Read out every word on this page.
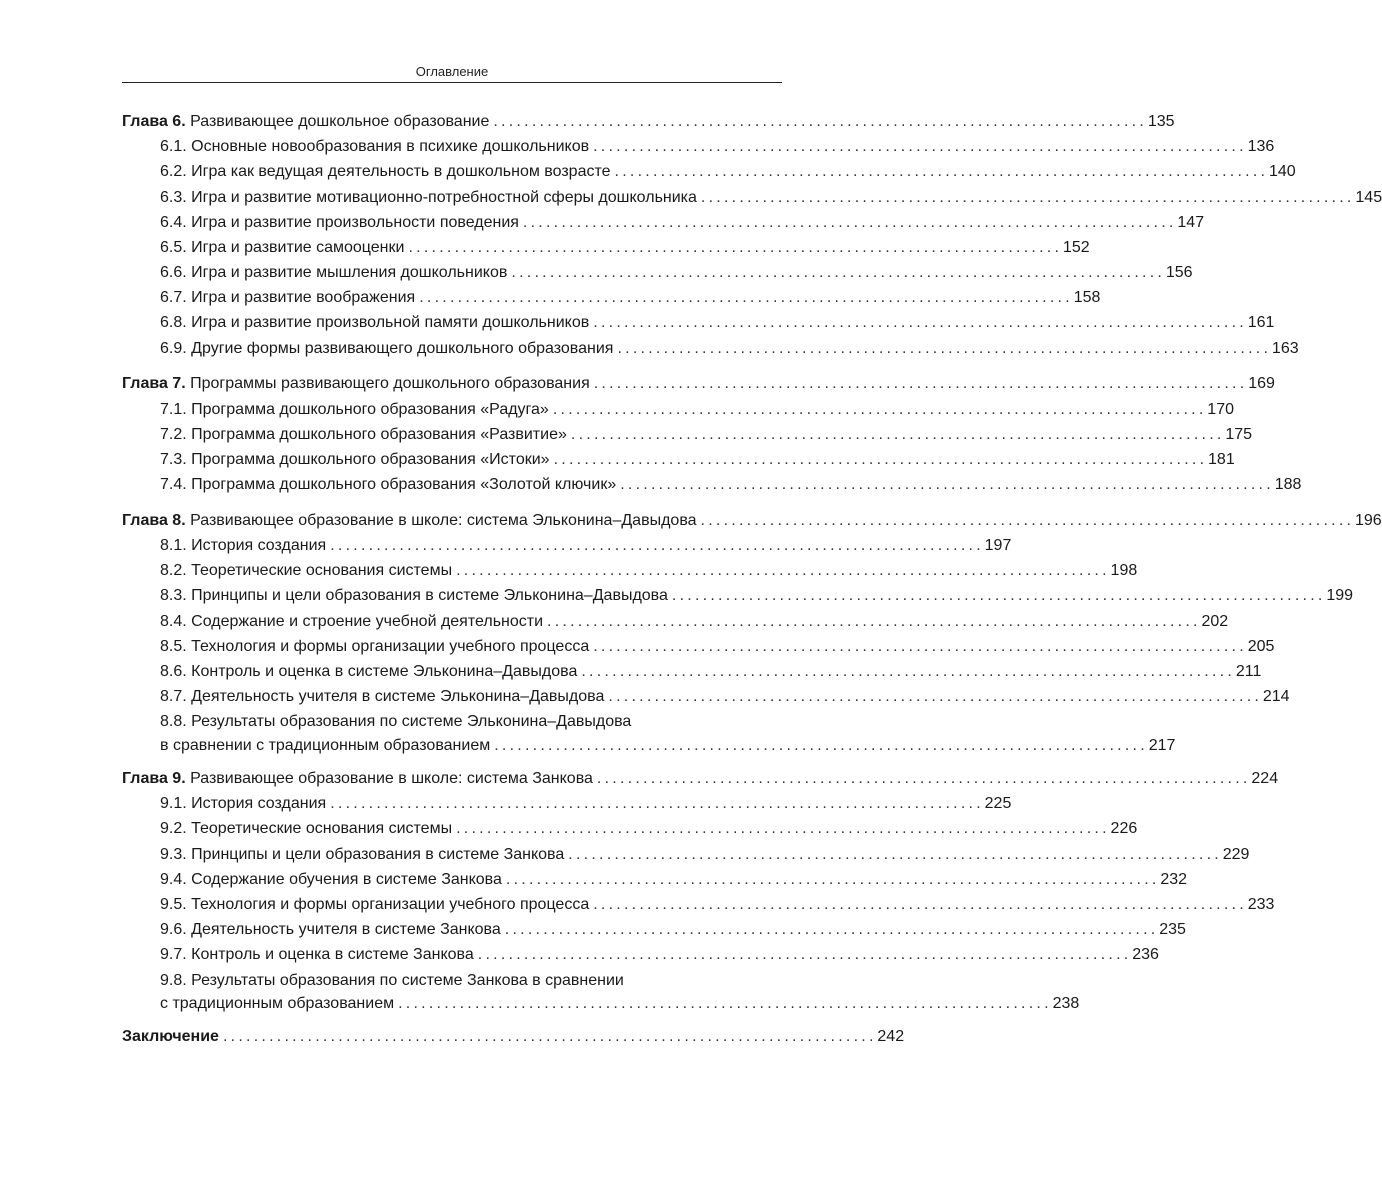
Оглавление
Глава 6. Развивающее дошкольное образование . . .	135
6.1. Основные новообразования в психике дошкольников . . .	136
6.2. Игра как ведущая деятельность в дошкольном возрасте . . .	140
6.3. Игра и развитие мотивационно-потребностной сферы дошкольника . . .	145
6.4. Игра и развитие произвольности поведения . . .	147
6.5. Игра и развитие самооценки . . .	152
6.6. Игра и развитие мышления дошкольников . . .	156
6.7. Игра и развитие воображения . . .	158
6.8. Игра и развитие произвольной памяти дошкольников . . .	161
6.9. Другие формы развивающего дошкольного образования . . .	163
Глава 7. Программы развивающего дошкольного образования . . .	169
7.1. Программа дошкольного образования «Радуга» . . .	170
7.2. Программа дошкольного образования «Развитие» . . .	175
7.3. Программа дошкольного образования «Истоки» . . .	181
7.4. Программа дошкольного образования «Золотой ключик» . . .	188
Глава 8. Развивающее образование в школе: система Эльконина–Давыдова . . .	196
8.1. История создания . . .	197
8.2. Теоретические основания системы . . .	198
8.3. Принципы и цели образования в системе Эльконина–Давыдова . . .	199
8.4. Содержание и строение учебной деятельности . . .	202
8.5. Технология и формы организации учебного процесса . . .	205
8.6. Контроль и оценка в системе Эльконина–Давыдова . . .	211
8.7. Деятельность учителя в системе Эльконина–Давыдова . . .	214
8.8. Результаты образования по системе Эльконина–Давыдова
в сравнении с традиционным образованием . . .	217
Глава 9. Развивающее образование в школе: система Занкова . . .	224
9.1. История создания . . .	225
9.2. Теоретические основания системы . . .	226
9.3. Принципы и цели образования в системе Занкова . . .	229
9.4. Содержание обучения в системе Занкова . . .	232
9.5. Технология и формы организации учебного процесса . . .	233
9.6. Деятельность учителя в системе Занкова . . .	235
9.7. Контроль и оценка в системе Занкова . . .	236
9.8. Результаты образования по системе Занкова в сравнении
с традиционным образованием . . .	238
Заключение . . .	242
